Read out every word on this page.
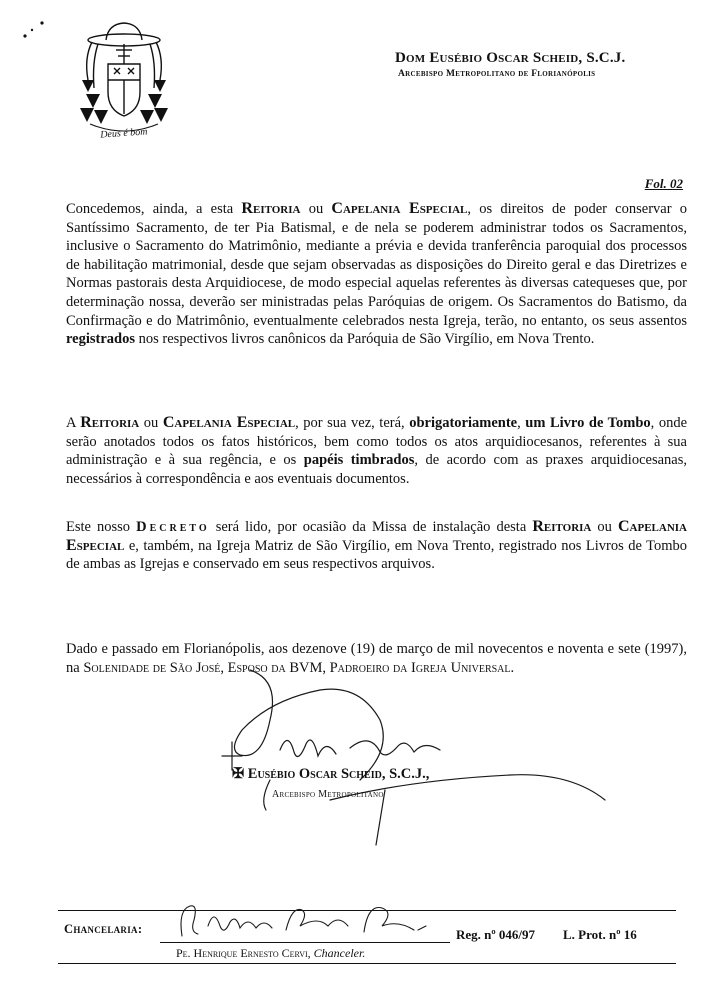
Deus é bom
Dom Eusébio Oscar Scheid, S.C.J.
Arcebispo Metropolitano de Florianópolis
Fol. 02
Concedemos, ainda, a esta Reitoria ou Capelania Especial, os direitos de poder conservar o Santíssimo Sacramento, de ter Pia Batismal, e de nela se poderem administrar todos os Sacramentos, inclusive o Sacramento do Matrimônio, mediante a prévia e devida tranferência paroquial dos processos de habilitação matrimonial, desde que sejam observadas as disposições do Direito geral e das Diretrizes e Normas pastorais desta Arquidiocese, de modo especial aquelas referentes às diversas catequeses que, por determinação nossa, deverão ser ministradas pelas Paróquias de origem. Os Sacramentos do Batismo, da Confirmação e do Matrimônio, eventualmente celebrados nesta Igreja, terão, no entanto, os seus assentos registrados nos respectivos livros canônicos da Paróquia de São Virgílio, em Nova Trento.
A Reitoria ou Capelania Especial, por sua vez, terá, obrigatoriamente, um Livro de Tombo, onde serão anotados todos os fatos históricos, bem como todos os atos arquidiocesanos, referentes à sua administração e à sua regência, e os papéis timbrados, de acordo com as praxes arquidiocesanas, necessários à correspondência e aos eventuais documentos.
Este nosso Decreto será lido, por ocasião da Missa de instalação desta Reitoria ou Capelania Especial e, também, na Igreja Matriz de São Virgílio, em Nova Trento, registrado nos Livros de Tombo de ambas as Igrejas e conservado em seus respectivos arquivos.
Dado e passado em Florianópolis, aos dezenove (19) de março de mil novecentos e noventa e sete (1997), na Solenidade de São José, Esposo da BVM, Padroeiro da Igreja Universal.
✠ Eusébio Oscar Scheid, S.C.J.,
Arcebispo Metropolitano
Chancelaria:	Reg. nº 046/97 L. Prot. nº 16
Pe. Henrique Ernesto Cervi, Chanceler.
